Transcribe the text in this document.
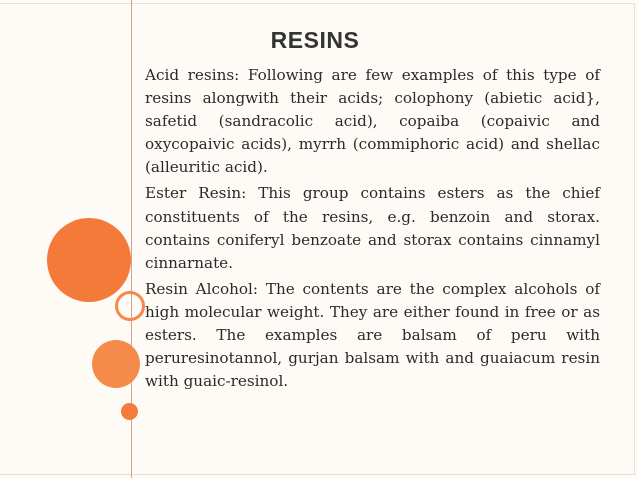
RESINS

Acid resins: Following are few examples of this type of resins alongwith their acids; colophony (abietic acid}, safetid (sandracolic acid), copaiba (copaivic and oxycopaivic acids), myrrh (commiphoric acid) and shellac (alleuritic acid).

Ester Resin: This group contains esters as the chief constituents of the resins, e.g. benzoin and storax. contains coniferyl benzoate and storax contains cinnamyl cinnarnate.

Resin Alcohol: The contents are the complex alcohols of high molecular weight. They are either found in free or as esters. The examples are balsam of peru with peruresinotannol, gurjan balsam with and guaiacum resin with guaic-resinol.
